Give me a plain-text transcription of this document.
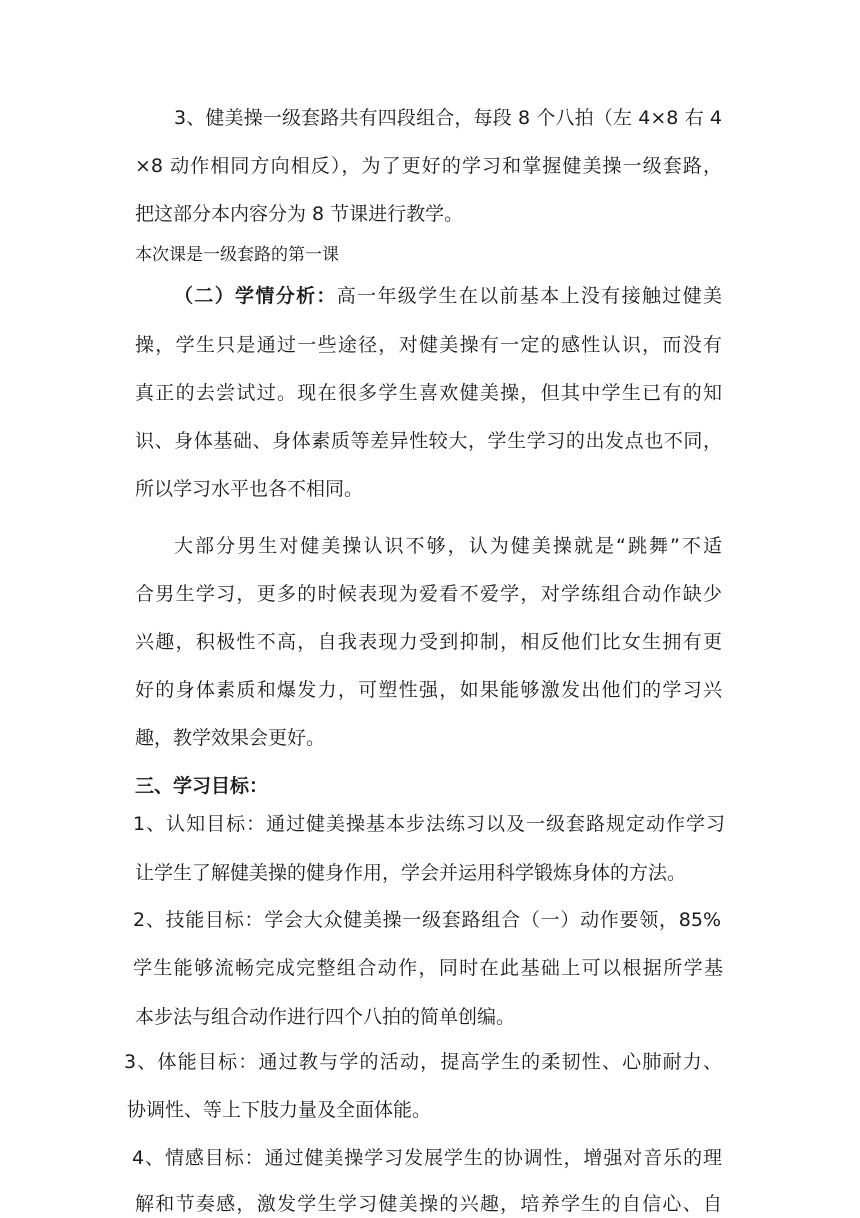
3、健美操一级套路共有四段组合，每段 8 个八拍（左 4×8 右 4

×8 动作相同方向相反），为了更好的学习和掌握健美操一级套路，

把这部分本内容分为 8 节课进行教学。

本次课是一级套路的第一课

（二）学情分析：高一年级学生在以前基本上没有接触过健美

操，学生只是通过一些途径，对健美操有一定的感性认识，而没有

真正的去尝试过。现在很多学生喜欢健美操，但其中学生已有的知

识、身体基础、身体素质等差异性较大，学生学习的出发点也不同，

所以学习水平也各不相同。

大部分男生对健美操认识不够，认为健美操就是“跳舞”不适

合男生学习，更多的时候表现为爱看不爱学，对学练组合动作缺少

兴趣，积极性不高，自我表现力受到抑制，相反他们比女生拥有更

好的身体素质和爆发力，可塑性强，如果能够激发出他们的学习兴

趣，教学效果会更好。

三、学习目标：

1、认知目标：通过健美操基本步法练习以及一级套路规定动作学习

让学生了解健美操的健身作用，学会并运用科学锻炼身体的方法。

2、技能目标：学会大众健美操一级套路组合（一）动作要领，85%

学生能够流畅完成完整组合动作，同时在此基础上可以根据所学基

本步法与组合动作进行四个八拍的简单创编。

3、体能目标：通过教与学的活动，提高学生的柔韧性、心肺耐力、

协调性、等上下肢力量及全面体能。

4、情感目标：通过健美操学习发展学生的协调性，增强对音乐的理

解和节奏感，激发学生学习健美操的兴趣，培养学生的自信心、自
